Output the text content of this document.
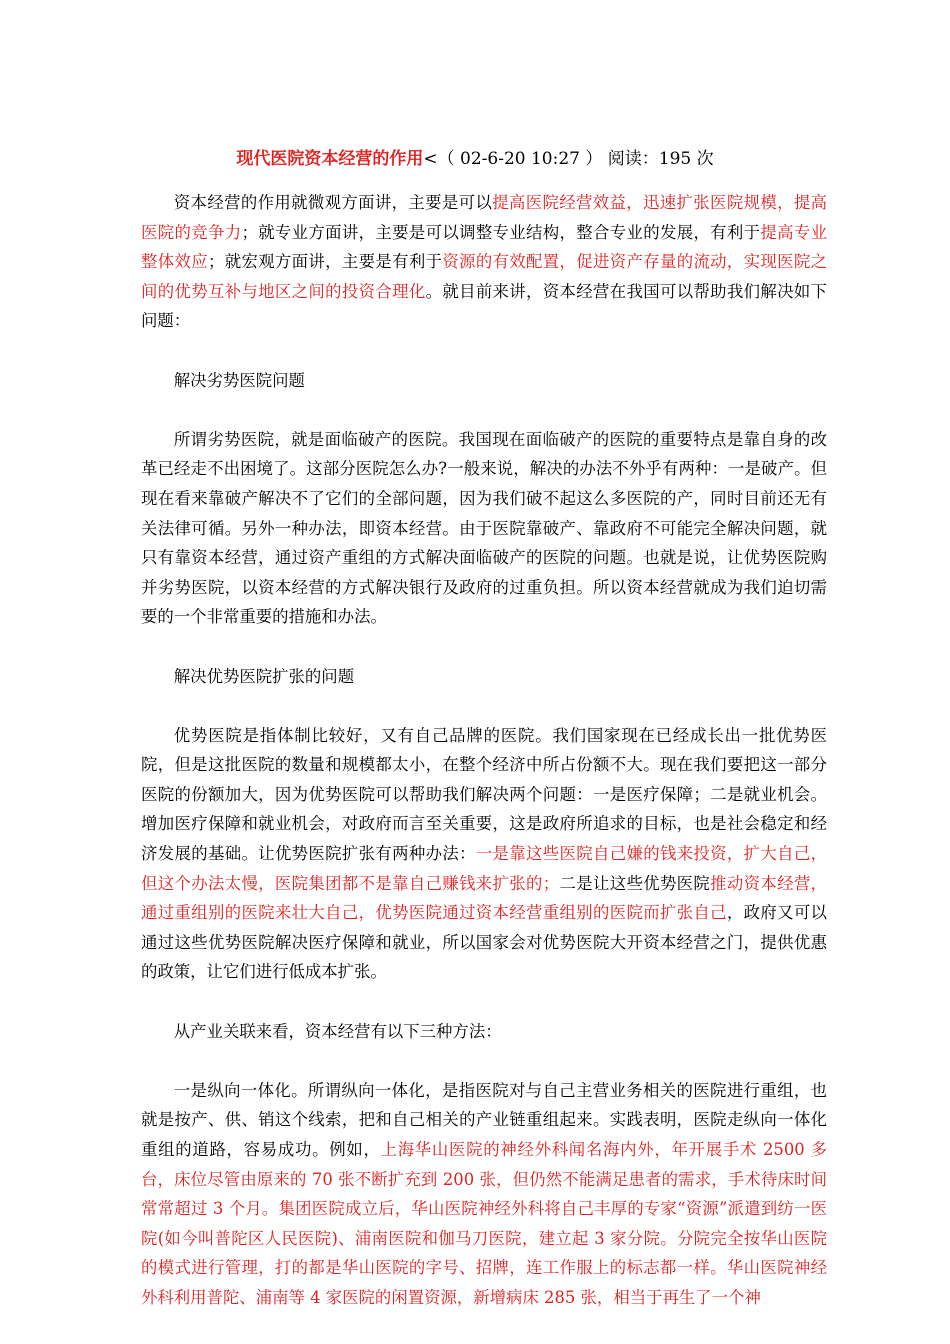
现代医院资本经营的作用<（ 02-6-20 10:27 ） 阅读：195 次

资本经营的作用就微观方面讲，主要是可以提高医院经营效益，迅速扩张医院规模，提高医院的竞争力；就专业方面讲，主要是可以调整专业结构，整合专业的发展，有利于提高专业整体效应；就宏观方面讲，主要是有利于资源的有效配置，促进资产存量的流动，实现医院之间的优势互补与地区之间的投资合理化。就目前来讲，资本经营在我国可以帮助我们解决如下问题：

解决劣势医院问题

所谓劣势医院，就是面临破产的医院。我国现在面临破产的医院的重要特点是靠自身的改革已经走不出困境了。这部分医院怎么办?一般来说，解决的办法不外乎有两种：一是破产。但现在看来靠破产解决不了它们的全部问题，因为我们破不起这么多医院的产，同时目前还无有关法律可循。另外一种办法，即资本经营。由于医院靠破产、靠政府不可能完全解决问题，就只有靠资本经营，通过资产重组的方式解决面临破产的医院的问题。也就是说，让优势医院购并劣势医院，以资本经营的方式解决银行及政府的过重负担。所以资本经营就成为我们迫切需要的一个非常重要的措施和办法。

解决优势医院扩张的问题

优势医院是指体制比较好，又有自己品牌的医院。我们国家现在已经成长出一批优势医院，但是这批医院的数量和规模都太小，在整个经济中所占份额不大。现在我们要把这一部分医院的份额加大，因为优势医院可以帮助我们解决两个问题：一是医疗保障；二是就业机会。增加医疗保障和就业机会，对政府而言至关重要，这是政府所追求的目标，也是社会稳定和经济发展的基础。让优势医院扩张有两种办法：一是靠这些医院自己嫌的钱来投资，扩大自己，但这个办法太慢，医院集团都不是靠自己赚钱来扩张的；二是让这些优势医院推动资本经营，通过重组别的医院来壮大自己，优势医院通过资本经营重组别的医院而扩张自己，政府又可以通过这些优势医院解决医疗保障和就业，所以国家会对优势医院大开资本经营之门，提供优惠的政策，让它们进行低成本扩张。

从产业关联来看，资本经营有以下三种方法：

一是纵向一体化。所谓纵向一体化，是指医院对与自己主营业务相关的医院进行重组，也就是按产、供、销这个线索，把和自己相关的产业链重组起来。实践表明，医院走纵向一体化重组的道路，容易成功。例如，上海华山医院的神经外科闻名海内外，年开展手术 2500 多台，床位尽管由原来的 70 张不断扩充到 200 张，但仍然不能满足患者的需求，手术待床时间常常超过 3 个月。集团医院成立后，华山医院神经外科将自己丰厚的专家“资源”派遣到纺一医院(如今叫普陀区人民医院)、浦南医院和伽马刀医院，建立起 3 家分院。分院完全按华山医院的模式进行管理，打的都是华山医院的字号、招牌，连工作服上的标志都一样。华山医院神经外科利用普陀、浦南等 4 家医院的闲置资源，新增病床 285 张，相当于再生了一个神
